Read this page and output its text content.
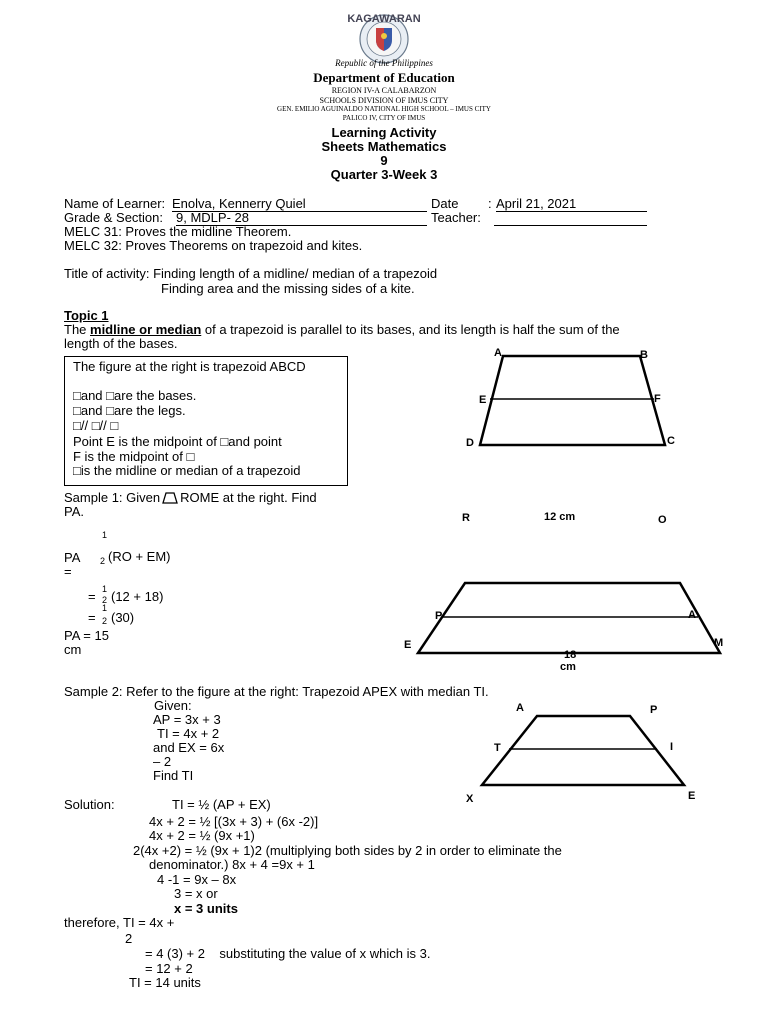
KAGAWARAN
Republic of the Philippines
Department of Education
REGION IV-A CALABARZON
SCHOOLS DIVISION OF IMUS CITY
GEN. EMILIO AGUINALDO NATIONAL HIGH SCHOOL – IMUS CITY
PALICO IV, CITY OF IMUS
Learning Activity
Sheets Mathematics
9
Quarter 3-Week 3
Name of Learner: Enolva, Kennerry Quiel	Date : April 21, 2021
Grade & Section: 9, MDLP- 28	Teacher:
MELC 31: Proves the midline Theorem.
MELC 32: Proves Theorems on trapezoid and kites.
Title of activity: Finding length of a midline/ median of a trapezoid
Finding area and the missing sides of a kite.
Topic 1
The midline or median of a trapezoid is parallel to its bases, and its length is half the sum of the
length of the bases.
The figure at the right is trapezoid ABCD
□and □are the bases.
□and □are the legs.
□// □// □
Point E is the midpoint of □and point
F is the midpoint of □
□is the midline or median of a trapezoid
A	B
E	F
D	C
Sample 1: Given ROME at the right. Find
PA.
1
PA 2 (RO + EM)
=
= 1
2 (12 + 18)
=
1
2 (30)
PA = 15
cm
R	12 cm	O
P	A
E	M
18
cm
Sample 2: Refer to the figure at the right: Trapezoid APEX with median TI.
Given:
AP = 3x + 3
TI = 4x + 2
and EX = 6x
– 2
Find TI
Solution:	TI = ½ (AP + EX)
4x + 2 = ½ [(3x + 3) + (6x -2)]
4x + 2 = ½ (9x +1)
2(4x +2) = ½ (9x + 1)2 (multiplying both sides by 2 in order to eliminate the
denominator.) 8x + 4 =9x + 1
4 -1 = 9x – 8x
3 = x or
x = 3 units
therefore, TI = 4x +
2
= 4 (3) + 2    substituting the value of x which is 3.
= 12 + 2
TI = 14 units
A	P
T	I
X	E
